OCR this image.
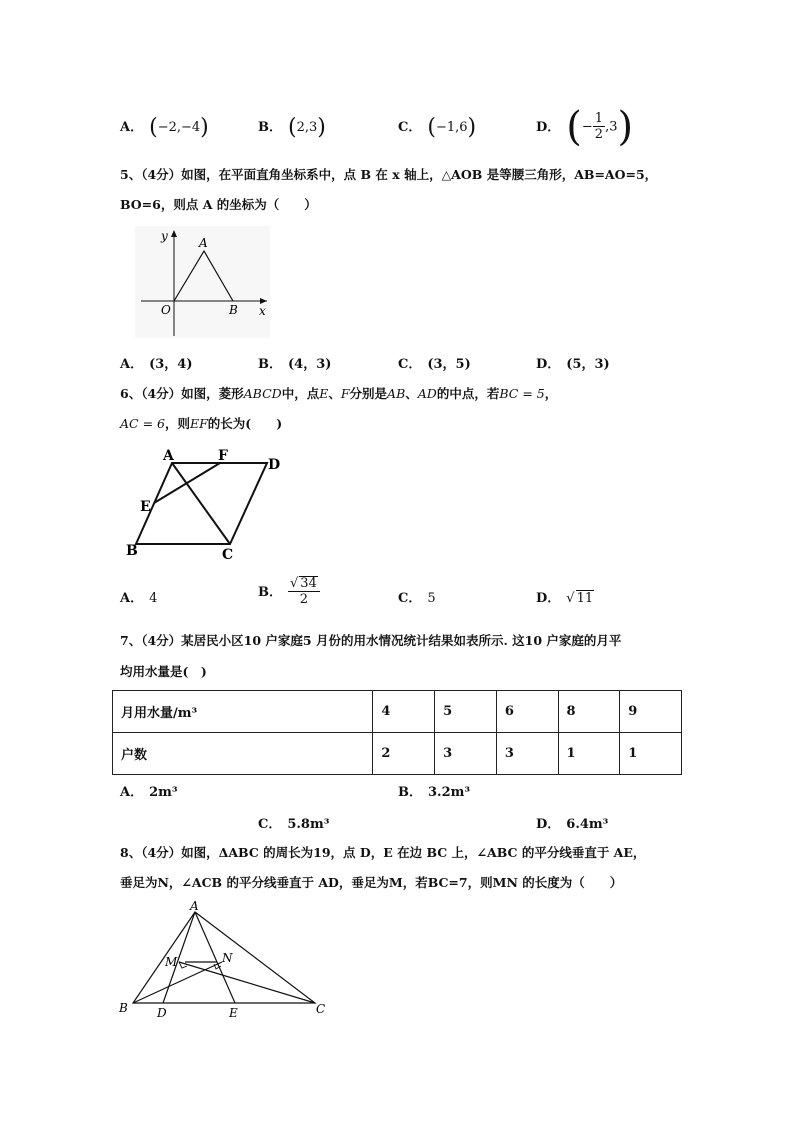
A． (−2,−4)	B． (2,3)	C． (−1,6)	D． (− $\frac{1}{2} ,3$)
5、（4分）如图，在平面直角坐标系中，点 B 在 x 轴上，△AOB 是等腰三角形，AB=AO=5，
BO=6，则点 A 的坐标为（　　）
y	A
O	B x
A． (3，4)	B． (4，3)	C． (3，5)	D． (5，3)
6、（4分）如图，菱形ABCD中，点E、F分别是AB、AD的中点，若BC = 5，
AC = 6，则EF的长为(　　)
A	F
D
E
B	C
A． 4	B． $\frac{√ 34}{2}$	C． 5	D． √ 11
7、（4分）某居民小区10 户家庭5 月份的用水情况统计结果如表所示. 这10 户家庭的月平
均用水量是(　)
月用水量/m³	4	5	6	8	9
户数	2	3	3	1	1
A． 2m³	B． 3.2m³
C． 5.8m³	D． 6.4m³
8、（4分）如图，ΔABC 的周长为19，点 D，E 在边 BC 上，∠ABC 的平分线垂直于 AE，
垂足为N，∠ACB 的平分线垂直于 AD，垂足为M，若BC=7，则MN 的长度为（　　）
A
M	N
B D	E	C
